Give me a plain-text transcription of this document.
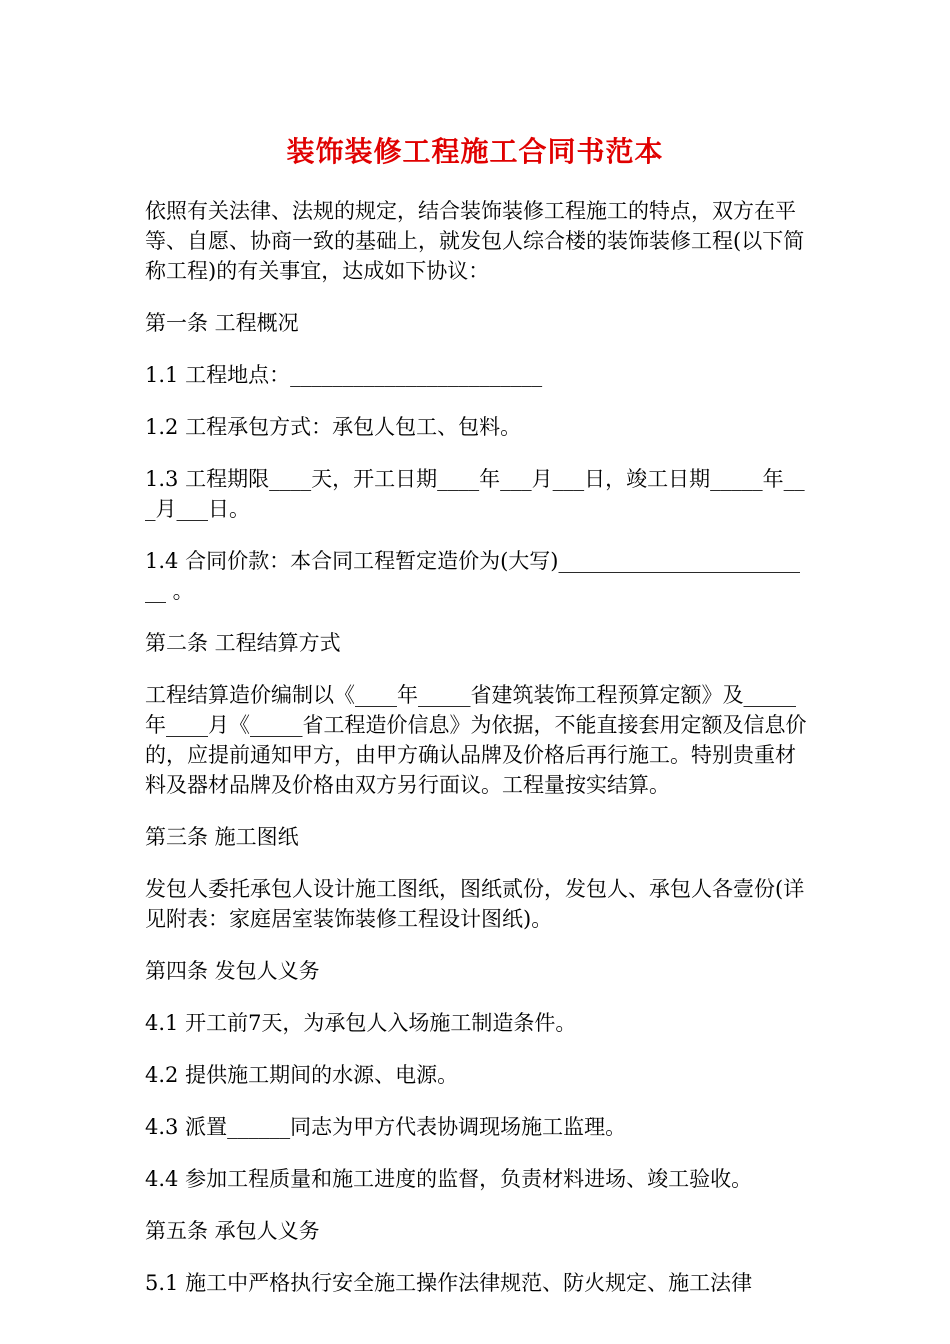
装饰装修工程施工合同书范本

依照有关法律、法规的规定，结合装饰装修工程施工的特点，双方在平等、自愿、协商一致的基础上，就发包人综合楼的装饰装修工程(以下简称工程)的有关事宜，达成如下协议：

第一条 工程概况

1.1 工程地点：________________________

1.2 工程承包方式：承包人包工、包料。

1.3 工程期限____天，开工日期____年___月___日，竣工日期_____年___月___日。

1.4 合同价款：本合同工程暂定造价为(大写)_________________________ 。

第二条 工程结算方式

工程结算造价编制以《____年_____省建筑装饰工程预算定额》及_____年____月《_____省工程造价信息》为依据，不能直接套用定额及信息价的，应提前通知甲方，由甲方确认品牌及价格后再行施工。特别贵重材料及器材品牌及价格由双方另行面议。工程量按实结算。

第三条 施工图纸

发包人委托承包人设计施工图纸，图纸贰份，发包人、承包人各壹份(详见附表：家庭居室装饰装修工程设计图纸)。

第四条 发包人义务

4.1 开工前7天，为承包人入场施工制造条件。

4.2 提供施工期间的水源、电源。

4.3 派置______同志为甲方代表协调现场施工监理。

4.4 参加工程质量和施工进度的监督，负责材料进场、竣工验收。

第五条 承包人义务

5.1 施工中严格执行安全施工操作法律规范、防火规定、施工法律
